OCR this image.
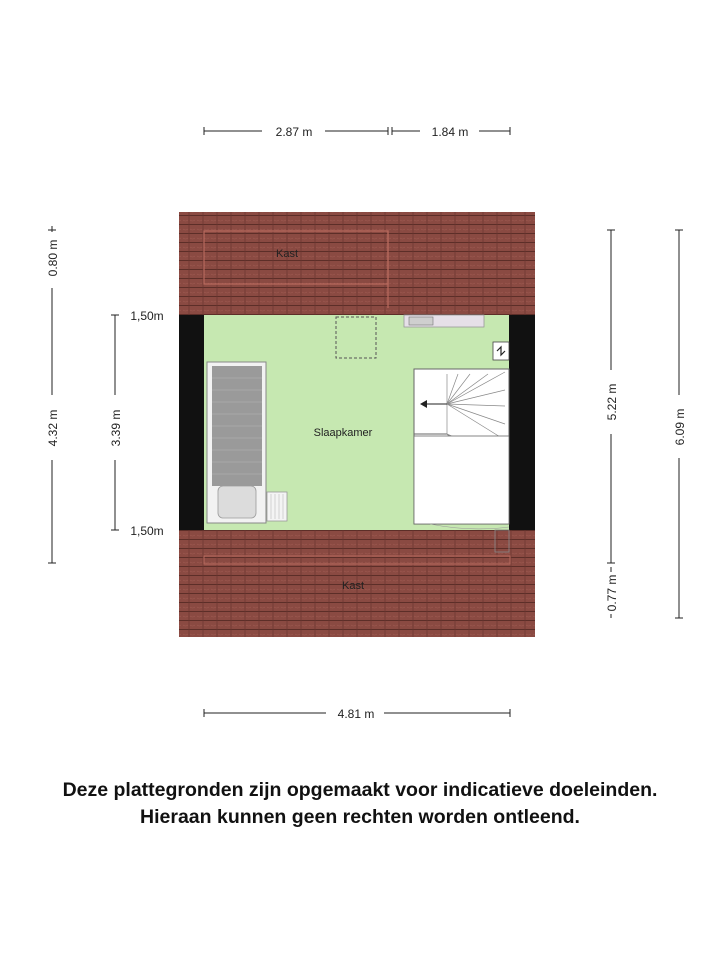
Kast
Slaapkamer
Kast
2.87 m	1.84 m
4.81 m
1,50m
1,50m
0.80 m
4.32 m	3.39 m
5.22 m
0.77 m
6.09 m

Deze plattegronden zijn opgemaakt voor indicatieve doeleinden.

Hieraan kunnen geen rechten worden ontleend.
